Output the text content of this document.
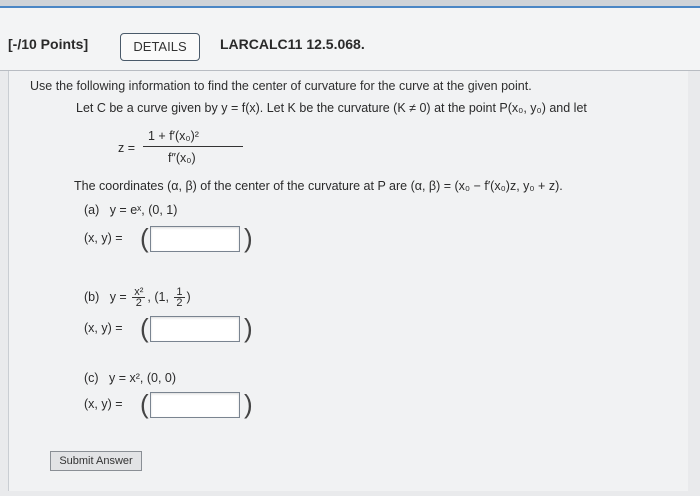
[-/10 Points]	DETAILS	LARCALC11 12.5.068.
Use the following information to find the center of curvature for the curve at the given point.
Let C be a curve given by y = f(x). Let K be the curvature (K ≠ 0) at the point P(x₀, y₀) and let
z =
1 + f′(x₀)²
f″(x₀)
The coordinates (α, β) of the center of the curvature at P are (α, β) = (x₀ − f′(x₀)z, y₀ + z).
(a) y = eˣ, (0, 1)
(x, y) = (	)
(b) $y = \frac{\text{x²}}{2}$ , (1, $\frac{1}{2}$ )
(x, y) = (	)
(c) y = x², (0, 0)
(x, y) = (	)
Submit Answer
